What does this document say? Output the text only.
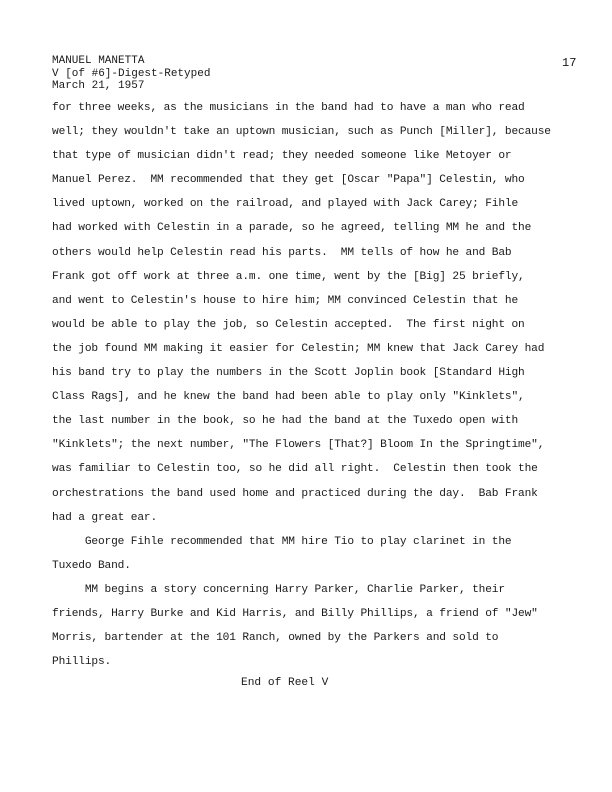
MANUEL MANETTA
V [of #6]-Digest-Retyped
March 21, 1957
17
for three weeks, as the musicians in the band had to have a man who read
well; they wouldn't take an uptown musician, such as Punch [Miller], because
that type of musician didn't read; they needed someone like Metoyer or
Manuel Perez.  MM recommended that they get [Oscar "Papa"] Celestin, who
lived uptown, worked on the railroad, and played with Jack Carey; Fihle
had worked with Celestin in a parade, so he agreed, telling MM he and the
others would help Celestin read his parts.  MM tells of how he and Bab
Frank got off work at three a.m. one time, went by the [Big] 25 briefly,
and went to Celestin's house to hire him; MM convinced Celestin that he
would be able to play the job, so Celestin accepted.  The first night on
the job found MM making it easier for Celestin; MM knew that Jack Carey had
his band try to play the numbers in the Scott Joplin book [Standard High
Class Rags], and he knew the band had been able to play only "Kinklets",
the last number in the book, so he had the band at the Tuxedo open with
"Kinklets"; the next number, "The Flowers [That?] Bloom In the Springtime",
was familiar to Celestin too, so he did all right.  Celestin then took the
orchestrations the band used home and practiced during the day.  Bab Frank
had a great ear.
George Fihle recommended that MM hire Tio to play clarinet in the
Tuxedo Band.
MM begins a story concerning Harry Parker, Charlie Parker, their
friends, Harry Burke and Kid Harris, and Billy Phillips, a friend of "Jew"
Morris, bartender at the 101 Ranch, owned by the Parkers and sold to
Phillips.
End of Reel V
